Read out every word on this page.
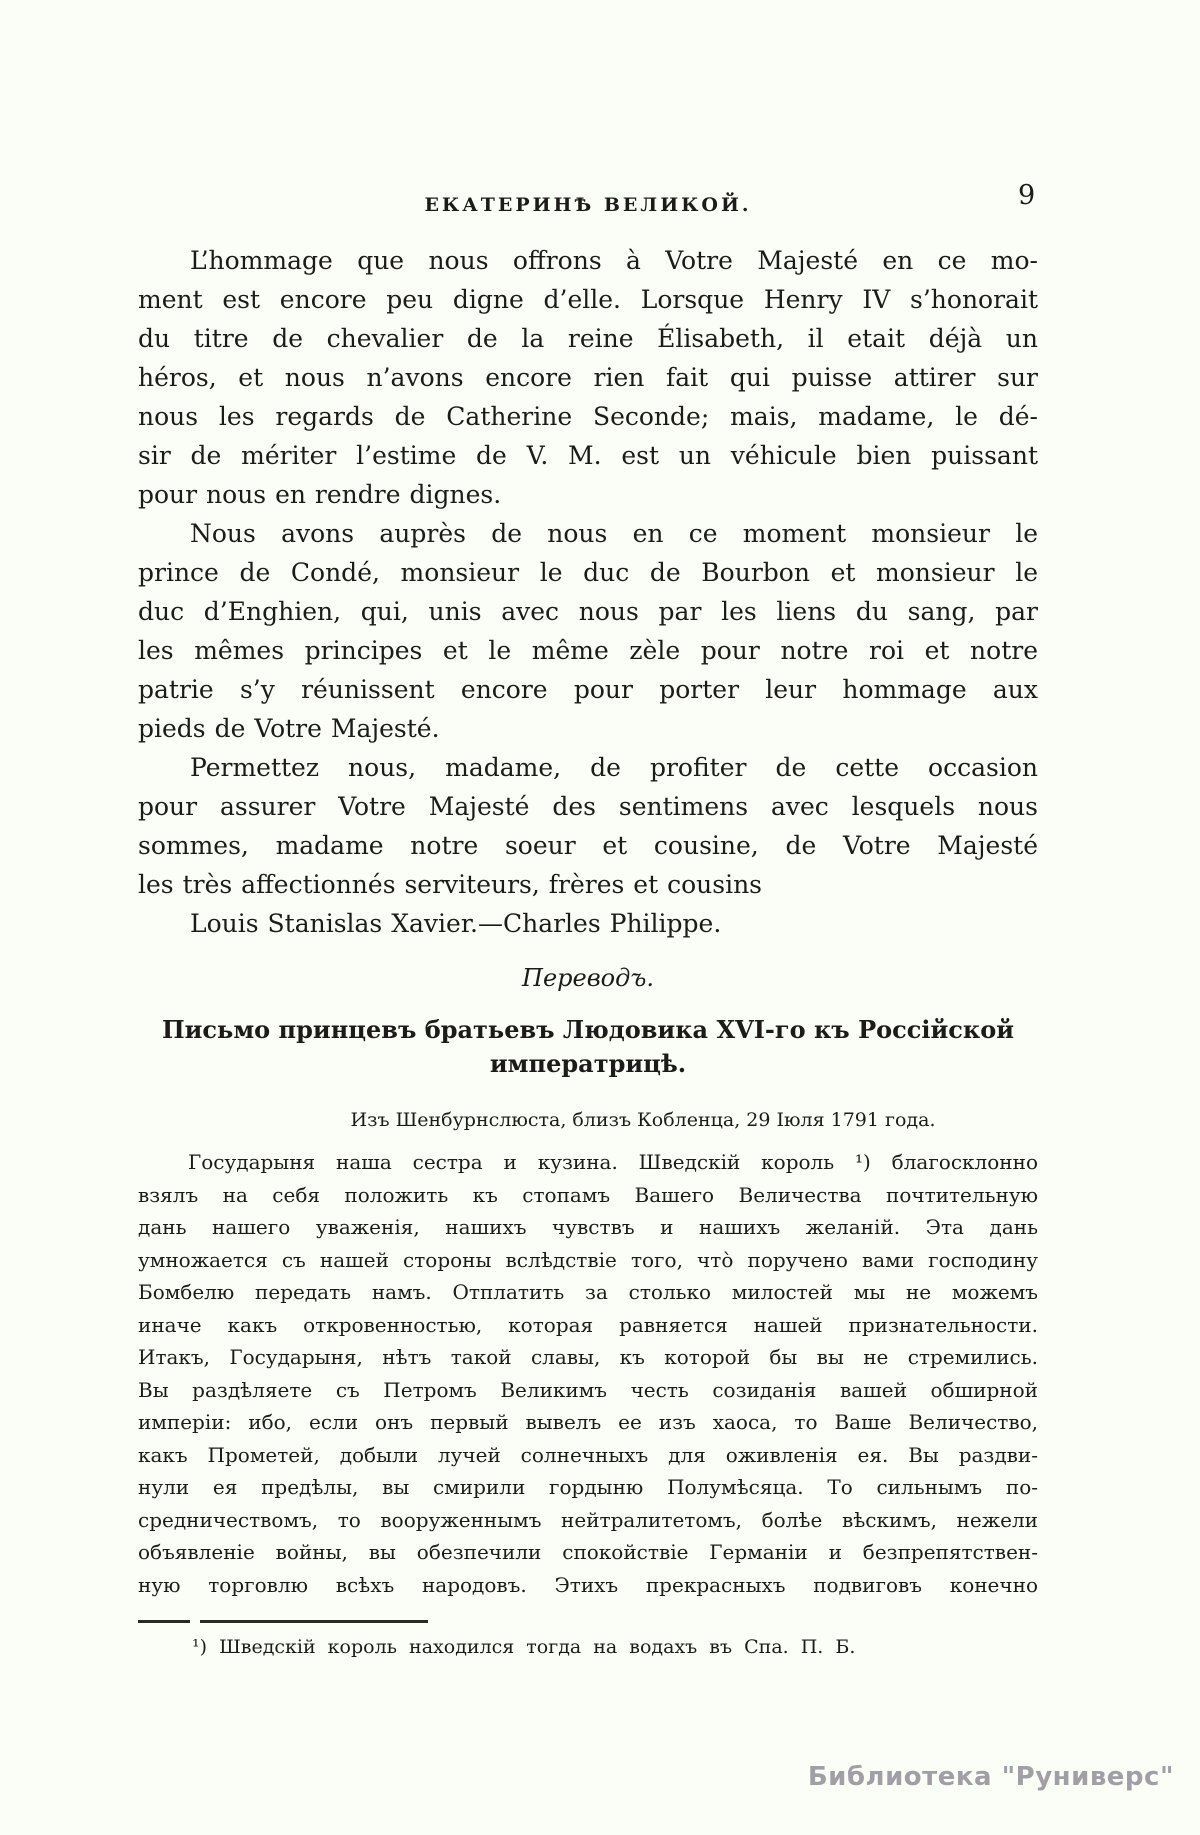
ЕКАТЕРИНѢ ВЕЛИКОЙ.	9
L’hommage que nous offrons à Votre Majesté en ce mo-
ment est encore peu digne d’elle. Lorsque Henry IV s’honorait
du titre de chevalier de la reine Élisabeth, il etait déjà un
héros, et nous n’avons encore rien fait qui puisse attirer sur
nous les regards de Catherine Seconde; mais, madame, le dé-
sir de mériter l’estime de V. M. est un véhicule bien puissant
pour nous en rendre dignes.
Nous avons auprès de nous en ce moment monsieur le
prince de Condé, monsieur le duc de Bourbon et monsieur le
duc d’Enghien, qui, unis avec nous par les liens du sang, par
les mêmes principes et le même zèle pour notre roi et notre
patrie s’y réunissent encore pour porter leur hommage aux
pieds de Votre Majesté.
Permettez nous, madame, de profiter de cette occasion
pour assurer Votre Majesté des sentimens avec lesquels nous
sommes, madame notre soeur et cousine, de Votre Majesté
les très affectionnés serviteurs, frères et cousins
Louis Stanislas Xavier.—Charles Philippe.
Переводъ.
Письмо принцевъ братьевъ Людовика XVI-го къ Россійской
императрицѣ.
Изъ Шенбурнслюста, близъ Кобленца, 29 Іюля 1791 года.
Государыня наша сестра и кузина. Шведскій король ¹) благосклонно
взялъ на себя положить къ стопамъ Вашего Величества почтительную
дань нашего уваженія, нашихъ чувствъ и нашихъ желаній. Эта дань
умножается съ нашей стороны вслѣдствіе того, что̀ поручено вами господину
Бомбелю передать намъ. Отплатить за столько милостей мы не можемъ
иначе какъ откровенностью, которая равняется нашей признательности.
Итакъ, Государыня, нѣтъ такой славы, къ которой бы вы не стремились.
Вы раздѣляете съ Петромъ Великимъ честь созиданія вашей обширной
имперіи: ибо, если онъ первый вывелъ ее изъ хаоса, то Ваше Величество,
какъ Прометей, добыли лучей солнечныхъ для оживленія ея. Вы раздви-
нули ея предѣлы, вы смирили гордыню Полумѣсяца. То сильнымъ по-
средничествомъ, то вооруженнымъ нейтралитетомъ, болѣе вѣскимъ, нежели
объявленіе войны, вы обезпечили спокойствіе Германіи и безпрепятствен-
ную торговлю всѣхъ народовъ. Этихъ прекрасныхъ подвиговъ конечно
¹) Шведскій король находился тогда на водахъ въ Спа. П. Б.
Библиотека "Руниверс"
